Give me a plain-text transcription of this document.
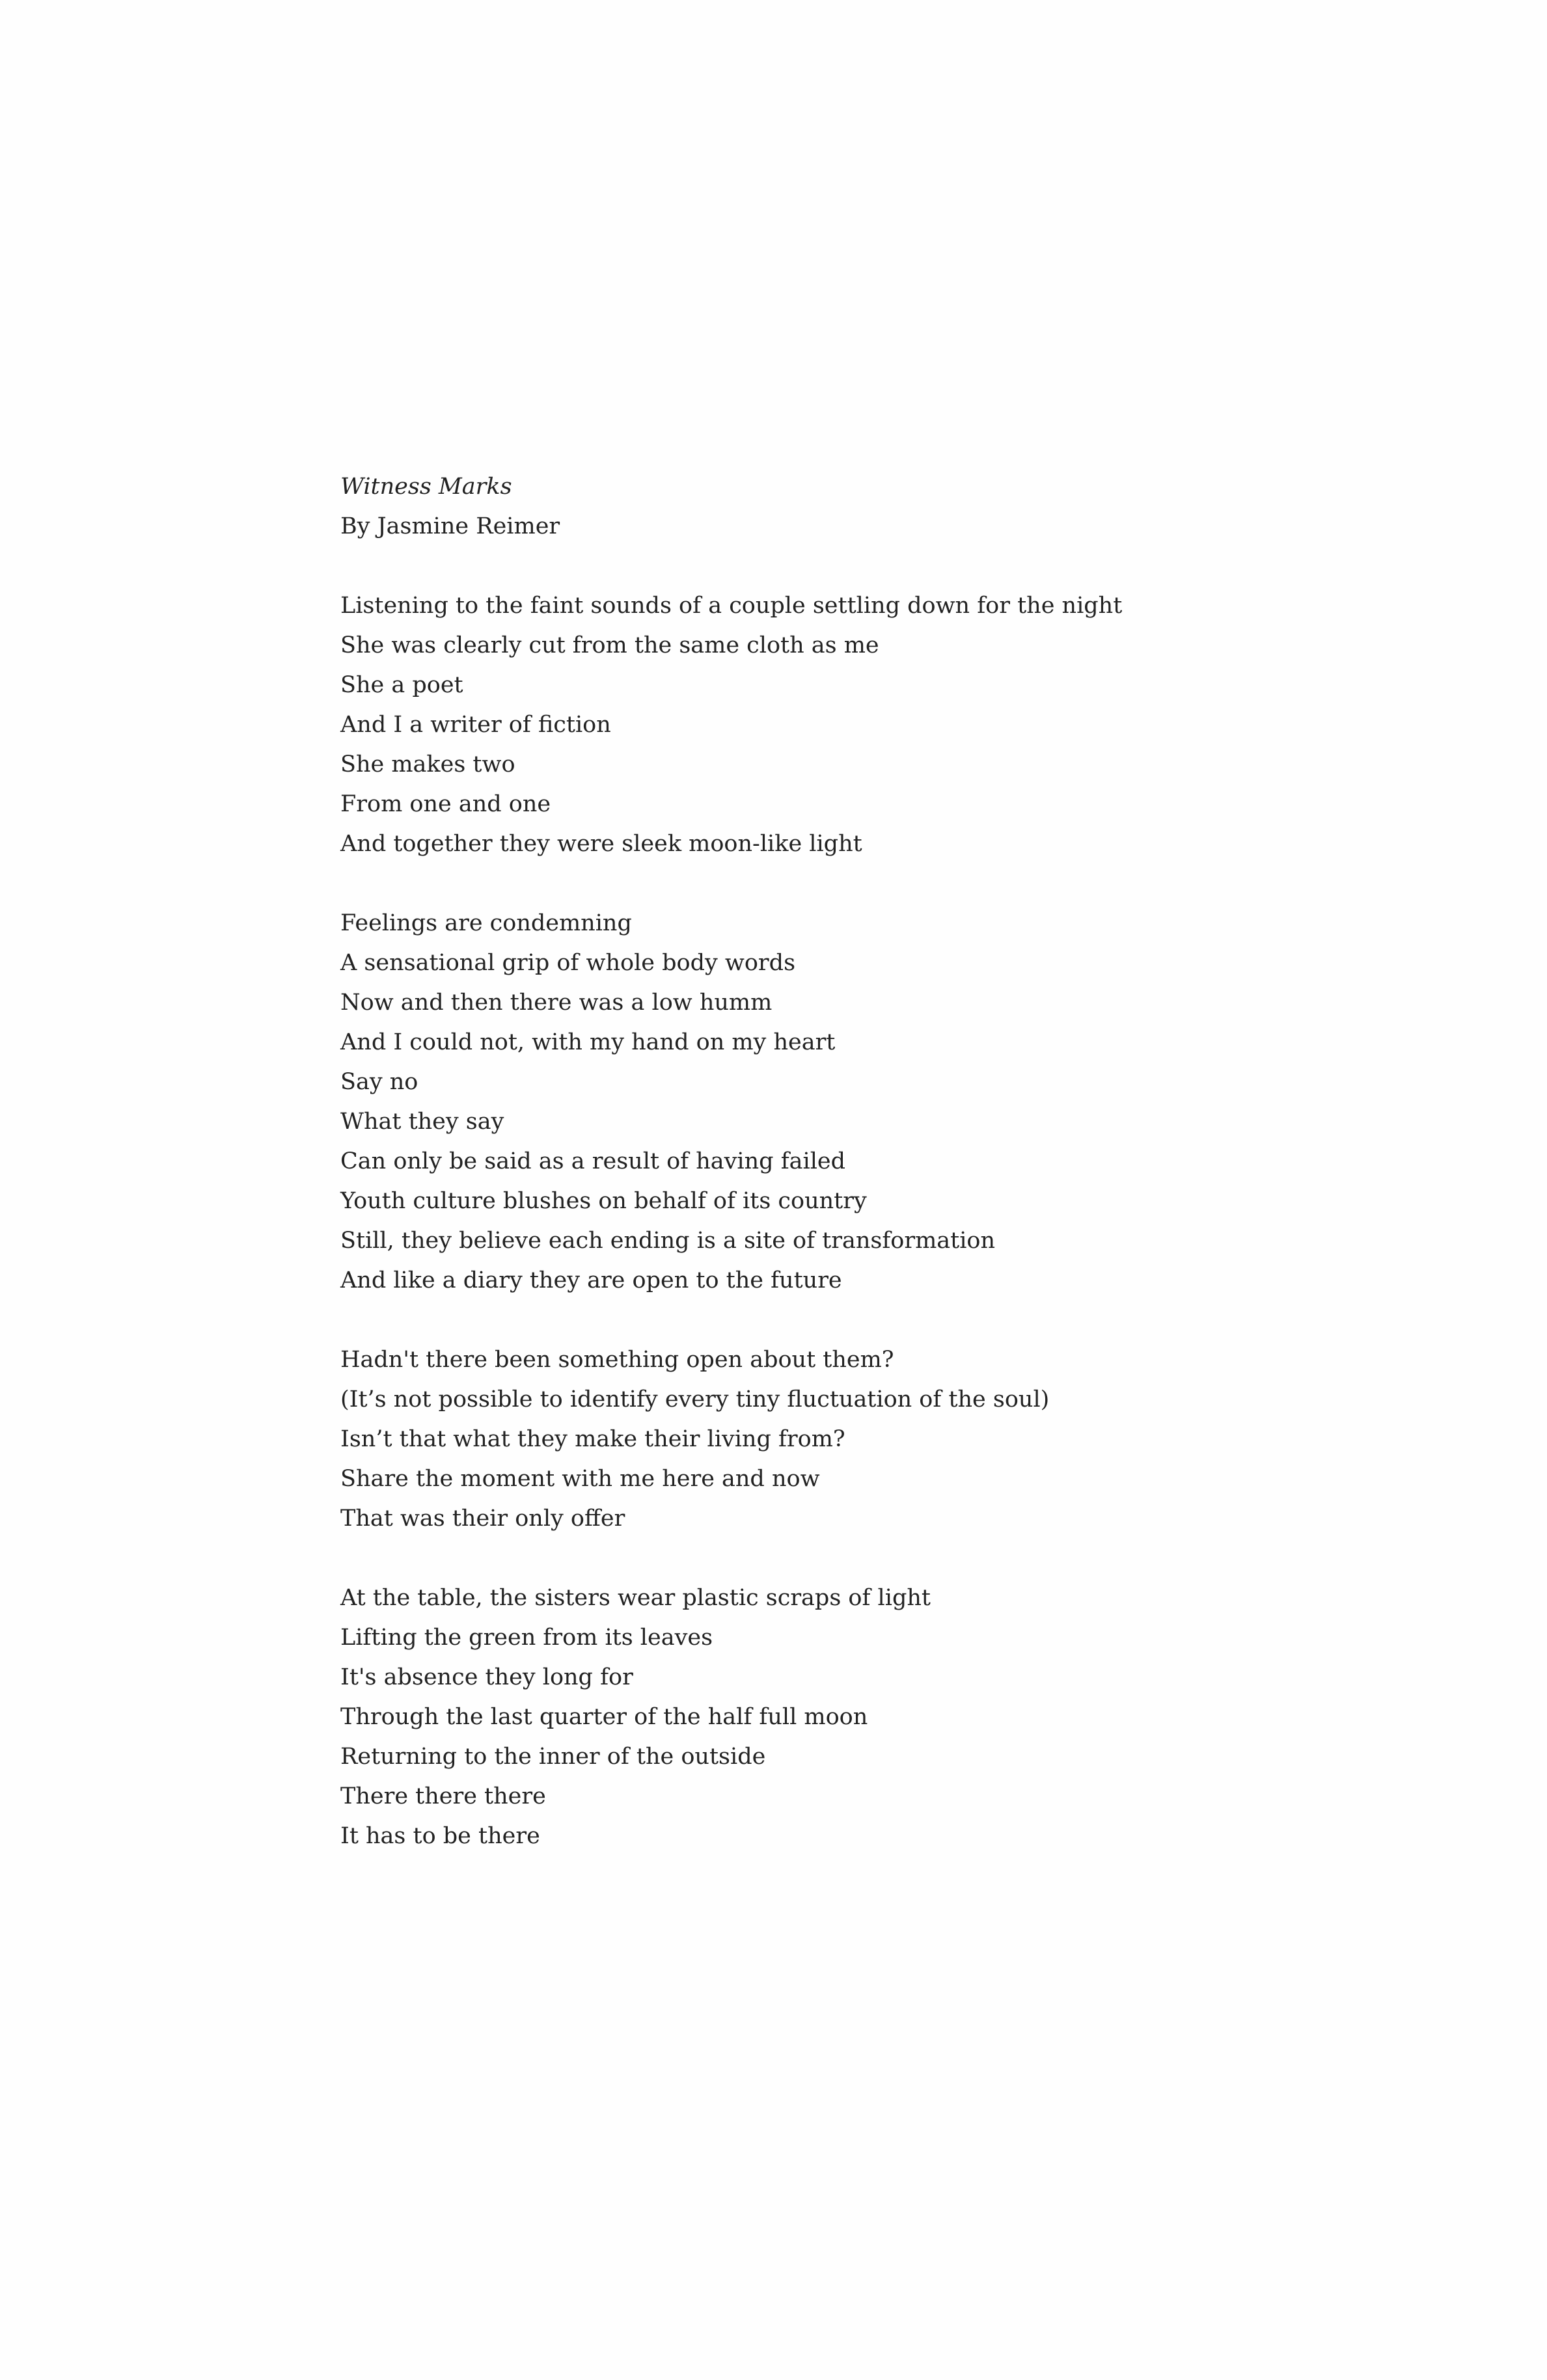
Witness Marks
By Jasmine Reimer
Listening to the faint sounds of a couple settling down for the night
She was clearly cut from the same cloth as me
She a poet
And I a writer of fiction
She makes two
From one and one
And together they were sleek moon-like light
Feelings are condemning
A sensational grip of whole body words
Now and then there was a low humm
And I could not, with my hand on my heart
Say no
What they say
Can only be said as a result of having failed
Youth culture blushes on behalf of its country
Still, they believe each ending is a site of transformation
And like a diary they are open to the future
Hadn't there been something open about them?
(It’s not possible to identify every tiny fluctuation of the soul)
Isn’t that what they make their living from?
Share the moment with me here and now
That was their only offer
At the table, the sisters wear plastic scraps of light
Lifting the green from its leaves
It's absence they long for
Through the last quarter of the half full moon
Returning to the inner of the outside
There there there
It has to be there
